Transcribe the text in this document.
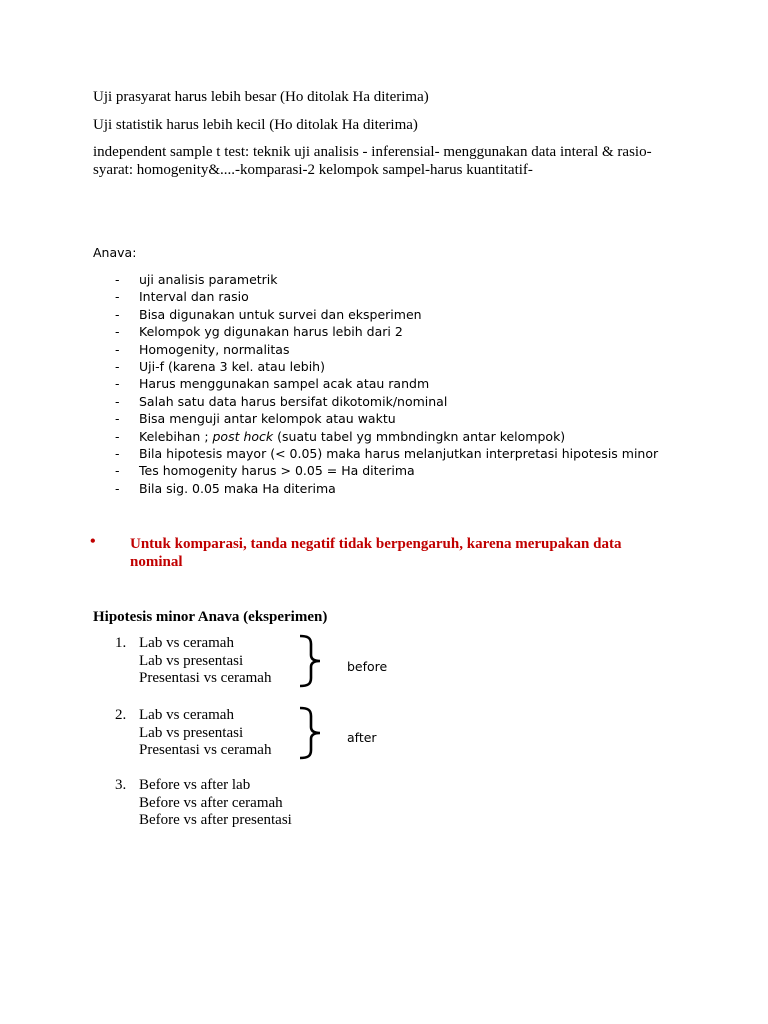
Uji prasyarat harus lebih besar (Ho ditolak Ha diterima)

Uji statistik harus lebih kecil (Ho ditolak Ha diterima)

independent sample t test: teknik uji analisis - inferensial- menggunakan data interal & rasio-syarat: homogenity&....-komparasi-2 kelompok sampel-harus kuantitatif-

Anava:

- uji analisis parametrik
- Interval dan rasio
- Bisa digunakan untuk survei dan eksperimen
- Kelompok yg digunakan harus lebih dari 2
- Homogenity, normalitas
- Uji-f (karena 3 kel. atau lebih)
- Harus menggunakan sampel acak atau randm
- Salah satu data harus bersifat dikotomik/nominal
- Bisa menguji antar kelompok atau waktu
- Kelebihan ; post hock (suatu tabel yg mmbndingkn antar kelompok)
- Bila hipotesis mayor (< 0.05) maka harus melanjutkan interpretasi hipotesis minor
- Tes homogenity harus > 0.05 = Ha diterima
- Bila sig. 0.05 maka Ha diterima
•	Untuk komparasi, tanda negatif tidak berpengaruh, karena merupakan data nominal

Hipotesis minor Anava (eksperimen)

1. Lab vs ceramah
Lab vs presentasi
Presentasi vs ceramah
before
2. Lab vs ceramah
Lab vs presentasi
Presentasi vs ceramah
after
3. Before vs after lab
Before vs after ceramah
Before vs after presentasi
